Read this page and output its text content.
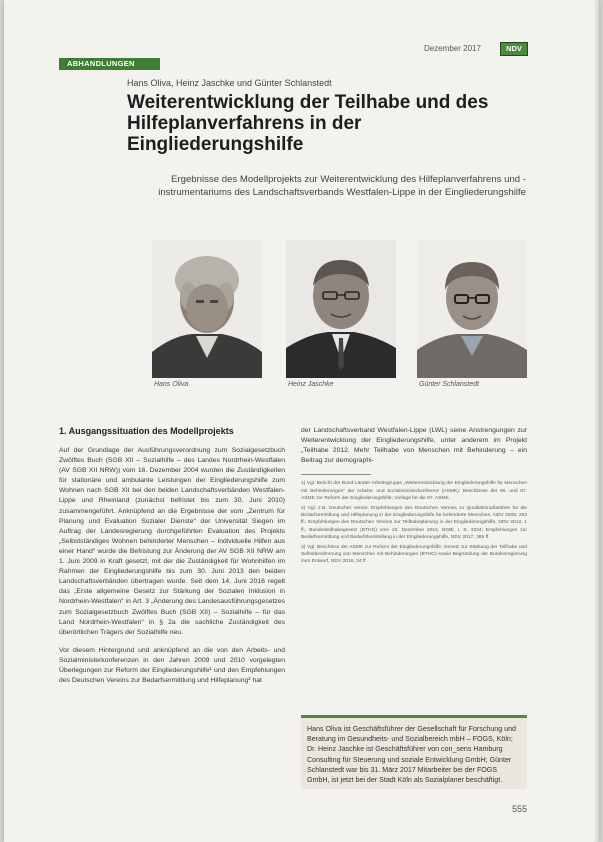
Dezember 2017	NDV
ABHANDLUNGEN
Hans Oliva, Heinz Jaschke und Günter Schlanstedt
Weiterentwicklung der Teilhabe und des Hilfeplanverfahrens in der Eingliederungshilfe

Ergebnisse des Modellprojekts zur Weiterentwicklung des Hilfeplanverfahrens und -instrumentariums des Landschaftsverbands Westfalen-Lippe in der Eingliederungshilfe

Hans Oliva	Heinz Jaschke	Günter Schlanstedt
1. Ausgangssituation des Modellprojekts

Auf der Grundlage der Ausführungsverordnung zum Sozialgesetzbuch Zwölftes Buch (SGB XII – Sozialhilfe – des Landes Nordrhein-Westfalen (AV SGB XII NRW)) vom 16. Dezember 2004 wurden die Zuständigkeiten für stationäre und ambulante Leistungen der Eingliederungshilfe zum Wohnen nach SGB XII bei den beiden Landschaftsverbänden Westfalen-Lippe und Rheinland (zunächst befristet bis zum 30. Juni 2010) zusammengeführt. Anknüpfend an die Ergebnisse der vom „Zentrum für Planung und Evaluation Sozialer Dienste“ der Universität Siegen im Auftrag der Landesregierung durchgeführten Evaluation des Projekts „Selbstständiges Wohnen behinderter Menschen – Individuelle Hilfen aus einer Hand“ wurde die Befristung zur Änderung der AV SGB XII NRW am 1. Juni 2009 in Kraft gesetzt, mit der die Zuständigkeit für Wohnhilfen im Rahmen der Eingliederungshilfe bis zum 30. Juni 2013 den beiden Landschaftsverbänden übertragen wurde. Seit dem 14. Juni 2016 regelt das „Erste allgemeine Gesetz zur Stärkung der Sozialen Inklusion in Nordrhein-Westfalen“ in Art. 3 „Änderung des Landesausführungsgesetzes zum Sozialgesetzbuch Zwölftes Buch (SGB XII) – Sozialhilfe – für das Land Nordrhein-Westfalen“ in § 2a die sachliche Zuständigkeit des überörtlichen Trägers der Sozialhilfe neu.

Vor diesem Hintergrund und anknüpfend an die von den Arbeits- und Sozialministerkonferenzen in den Jahren 2009 und 2010 vorgelegten Überlegungen zur Reform der Eingliederungshilfe¹ und den Empfehlungen des Deutschen Vereins zur Bedarfsermittlung und Hilfeplanung² hat

der Landschaftsverband Westfalen-Lippe (LWL) seine Anstrengungen zur Weiterentwicklung der Eingliederungshilfe, unter anderem im Projekt „Teilhabe 2012. Mehr Teilhabe von Menschen mit Behinderung – ein Beitrag zur demographi-

1) Vgl. Bericht der Bund-Länder-Arbeitsgruppe „Weiterentwicklung der Eingliederungshilfe für Menschen mit Behinderungen“ der Arbeits- und Sozialministerkonferenz (ASMK); Beschlüsse der 86. und 87. ASMK zur Reform der Eingliederungshilfe; Vorlage für die 87. ASMK.

2) Vgl. z.B. Deutscher Verein: Empfehlungen des Deutschen Vereins zu Qualitätsmaßstäben für die Bedarfsermittlung und Hilfeplanung in der Eingliederungshilfe für behinderte Menschen, NDV 2009, 253 ff.; Empfehlungen des Deutschen Vereins zur Teilhabeplanung in der Eingliederungshilfe, NDV 2012, 1 ff.; Bundesteilhabegesetz (BTHG) vom 23. Dezember 2016, BGBl. I, S. 3234; Empfehlungen zur Bedarfsermittlung und Bedarfsfeststellung in der Eingliederungshilfe, NDV 2017, 385 ff.

3) Vgl. Beschluss der ASMK zur Reform der Eingliederungshilfe; Gesetz zur Stärkung der Teilhabe und Selbstbestimmung von Menschen mit Behinderungen (BTHG) sowie Begründung der Bundesregierung zum Entwurf, NDV 2016, 34 ff.

Hans Oliva ist Geschäftsführer der Gesellschaft für Forschung und Beratung im Gesundheits- und Sozialbereich mbH – FOGS, Köln; Dr. Heinz Jaschke ist Geschäftsführer von con_sens Hamburg Consulting für Steuerung und soziale Entwicklung GmbH; Günter Schlanstedt war bis 31. März 2017 Mitarbeiter bei der FOGS GmbH, ist jetzt bei der Stadt Köln als Sozialplaner beschäftigt.

555
